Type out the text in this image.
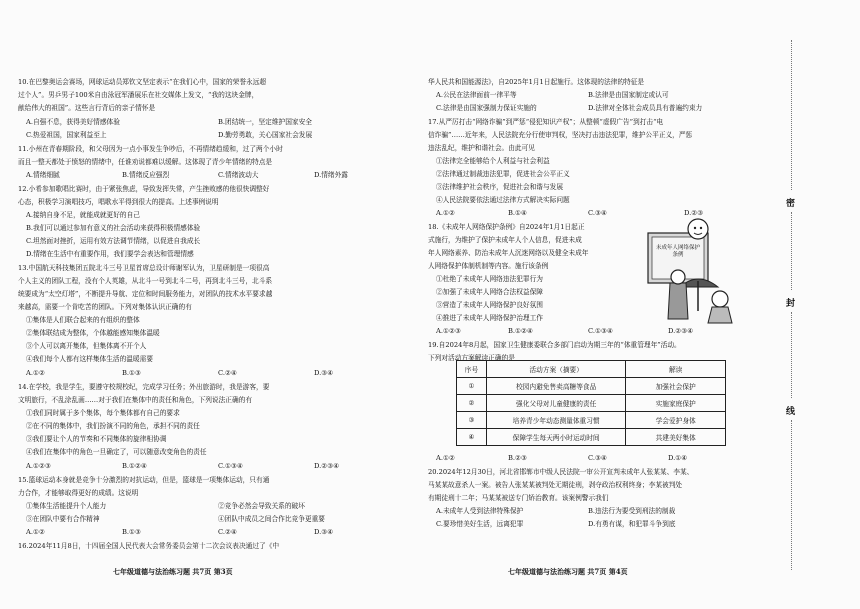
10.在巴黎奥运会赛场，网球运动员郑钦文坚定表示“在我们心中，国家的荣誉永远超
过个人”。男乒男子100米自由泳冠军潘展乐在社交媒体上发文，“我的这块金牌，
献给伟大的祖国”。这些言行背后的亲子情怀是
A.自强不息，获得美好情感体验	B.团结统一，坚定维护国家安全
C.热爱祖国，国家利益至上	D.勤劳勇敢，关心国家社会发展
11.小州在青春期阶段，和父母因为一点小事发生争吵后，不再情绪趋缓和，过了两个小时
而且一整天都处于愤怒的情绪中，任谁劝说都难以缓解。这体现了青少年情绪的特点是
A.情绪细腻	B.情绪反应强烈	C.情绪波动大	D.情绪外露
12.小希参加歌唱比赛时，由于紧张焦虑，导致发挥失常，产生挫败感的他很快调整好
心态，积极学习演唱技巧，唱歌水平得到很大的提高。上述事例说明
A.接纳自身不足，就能成就更好的自己
B.我们可以通过参加有意义的社会活动来获得积极情感体验
C.坦然面对挫折，运用有效方法调节情绪，以促进自我成长
D.情绪在生活中有重要作用，我们要学会表达和管理情感
13.中国航天科技集团五院北斗三号卫星首席总设计师谢军认为，卫星研制是一项很高
个人主义的团队工程，没有个人英雄，从北斗一号到北斗二号，再到北斗三号，北斗系
统要成为“太空灯塔”，不断提升导航、定位和时间服务能力，对团队的技术水平要求越
来越高，需要一个肯吃苦的团队。下列对集体认识正确的有
①集体是人们联合起来的有组织的整体
②集体联结成为整体，个体越能感知集体温暖
③个人可以离开集体，但集体离不开个人
④我们每个人都有这样集体生活的温暖需要
A.①②	B.①③	C.②④	D.③④
14.在学校，我是学生，要遵守校规校纪，完成学习任务；外出旅游时，我是游客，要
文明旅行，不乱涂乱画……对于我们在集体中的责任和角色，下列说法正确的有
①我们同时属于多个集体，每个集体都有自己的要求
②在不同的集体中，我们扮演不同的角色，承担不同的责任
③我们要让个人的节奏和不同集体的旋律相协调
④我们在集体中的角色一旦确定了，可以随意改变角色的责任
A.①②③	B.①②④	C.①③④	D.②③④
15.篮球运动本身就是竞争十分激烈的对抗运动，但是，篮球是一项集体运动，只有通
力合作，才能够取得更好的成绩。这说明
①集体生活能提升个人能力	②竞争必然会导致关系的破坏
③在团队中要有合作精神	④团队中成员之间合作比竞争更重要
A.①②	B.①③	C.②④	D.③④
16.2024年11月8日，十四届全国人民代表大会常务委员会第十二次会议表决通过了《中
七年级道德与法治练习题 共7页 第3页
华人民共和国能源法》，自2025年1月1日起施行。这体现的法律的特征是
A.公民在法律面前一律平等	B.法律是由国家制定或认可
C.法律是由国家强制力保证实施的	D.法律对全体社会成员具有普遍约束力
17.从严厉打击“网络诈骗”到严惩“侵犯知识产权”；从整顿“虚假广告”到打击“电
信诈骗”……近年来，人民法院充分行使审判权，坚决打击违法犯罪，维护公平正义，严惩
违法乱纪，维护和谐社会。由此可见
①法律完全能够给个人利益与社会利益
②法律通过制裁违法犯罪，促进社会公平正义
③法律维护社会秩序，促进社会和谐与发展
④人民法院要依法通过法律方式解决实际问题
A.①②	B.①④	C.③④	D.②③
18.《未成年人网络保护条例》自2024年1月1日起正
式施行，为维护了保护未成年人个人信息，促进未成
年人网络素养、防治未成年人沉迷网络以及健全未成年
人网络保护体制机制等内容。施行该条例
①杜绝了未成年人网络违法犯罪行为
②加强了未成年人网络合法权益保障
③营造了未成年人网络保护良好氛围
④推进了未成年人网络保护治理工作
A.①②③	B.①②④	C.①③④	D.②③④
19.自2024年8月起，国家卫生健康委联合多部门启动为期三年的“体重管理年”活动。
下列对活动方案解读正确的是
序号	活动方案（摘要）	解读
①	校园内避免售卖高糖等食品	加强社会保护
②	强化父母对儿童健康的责任	实施家庭保护
③	培养青少年动态测量体重习惯	学会爱护身体
④	保障学生每天两小时运动时间	共建美好集体
A.①②	B.②③	C.③④	D.①④
20.2024年12月30日，河北省邯郸市中级人民法院一审公开宣判未成年人张某某、李某、
马某某故意杀人一案。被告人张某某被判处无期徒刑，剥夺政治权利终身；李某被判处
有期徒刑十二年；马某某被送专门矫治教育。该案例警示我们
A.未成年人受到法律特殊保护	B.违法行为要受到刑法的制裁
C.要珍惜美好生活，远离犯罪	D.有勇有谋，和犯罪斗争到底
七年级道德与法治练习题 共7页 第4页
未成年人网络保护条例
密
封
线
